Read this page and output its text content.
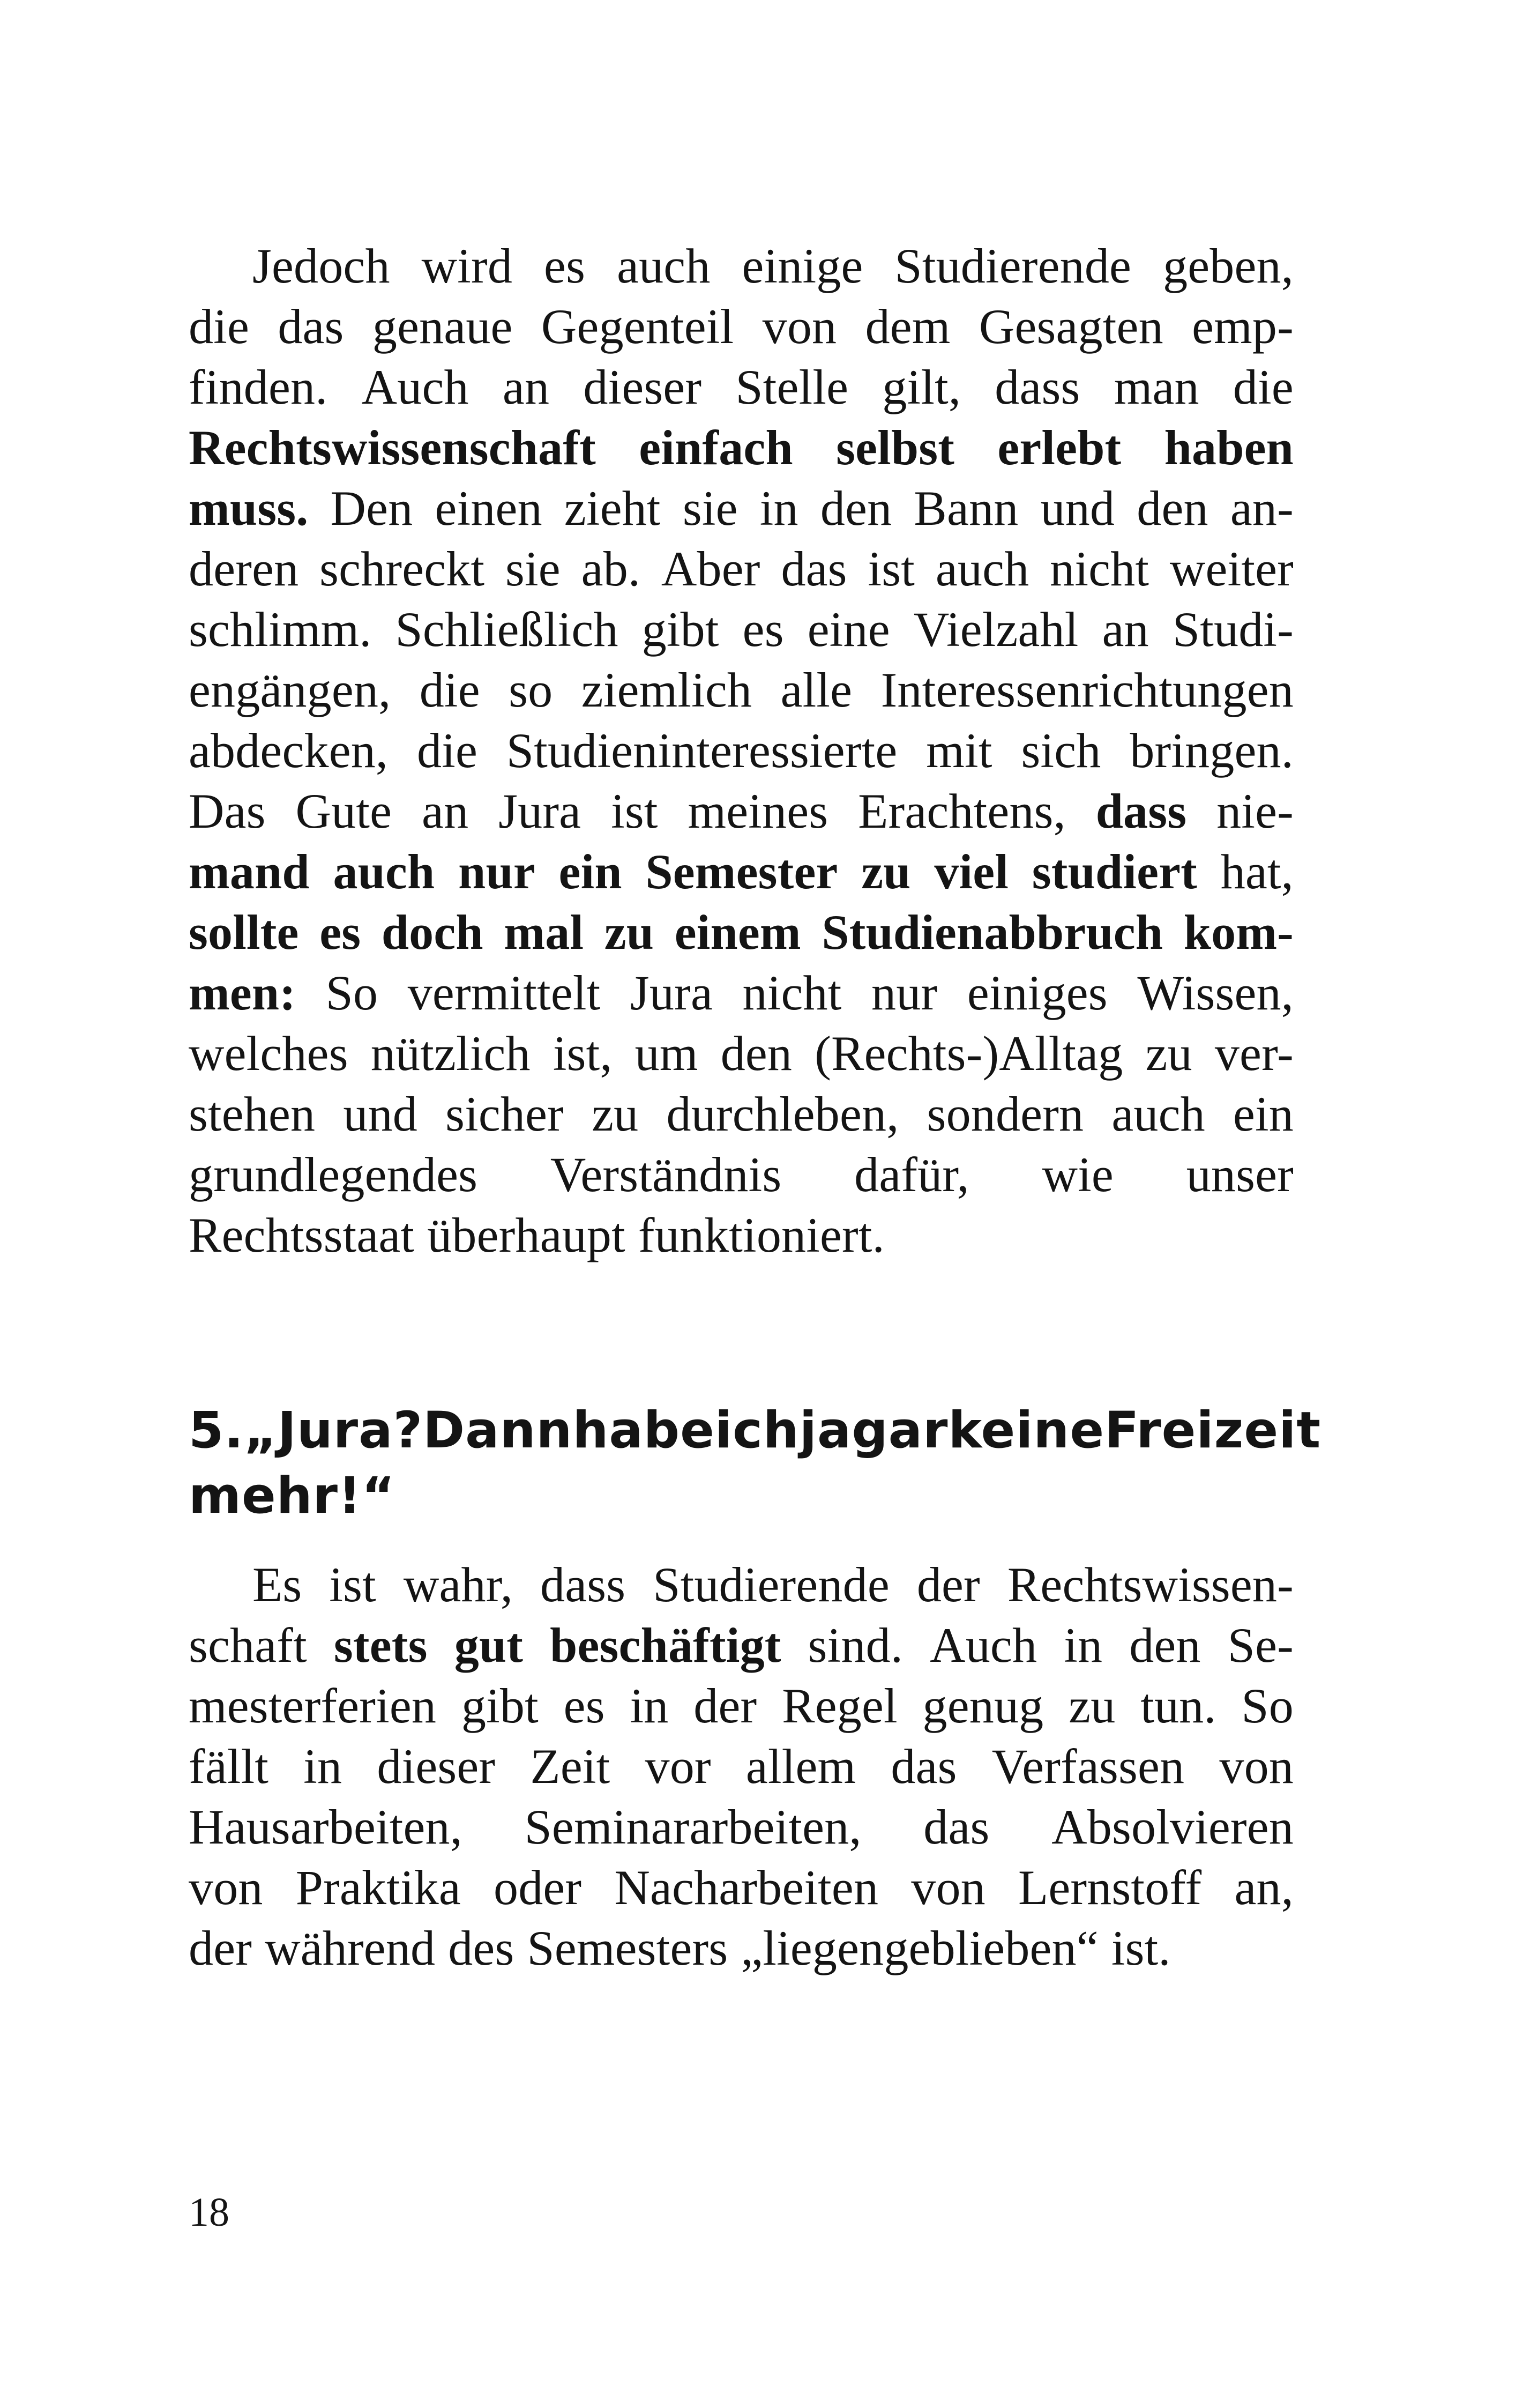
Jedoch wird es auch einige Studierende geben,
die das genaue Gegenteil von dem Gesagten emp-
finden. Auch an dieser Stelle gilt, dass man die
Rechtswissenschaft einfach selbst erlebt haben
muss. Den einen zieht sie in den Bann und den an-
deren schreckt sie ab. Aber das ist auch nicht weiter
schlimm. Schließlich gibt es eine Vielzahl an Studi-
engängen, die so ziemlich alle Interessenrichtungen
abdecken, die Studieninteressierte mit sich bringen.
Das Gute an Jura ist meines Erachtens, dass nie-
mand auch nur ein Semester zu viel studiert hat,
sollte es doch mal zu einem Studienabbruch kom-
men: So vermittelt Jura nicht nur einiges Wissen,
welches nützlich ist, um den (Rechts-)Alltag zu ver-
stehen und sicher zu durchleben, sondern auch ein
grundlegendes Verständnis dafür, wie unser
Rechtsstaat überhaupt funktioniert.
5. „Jura? Dann habe ich ja gar keine Freizeit
mehr!“
Es ist wahr, dass Studierende der Rechtswissen-
schaft stets gut beschäftigt sind. Auch in den Se-
mesterferien gibt es in der Regel genug zu tun. So
fällt in dieser Zeit vor allem das Verfassen von
Hausarbeiten, Seminararbeiten, das Absolvieren
von Praktika oder Nacharbeiten von Lernstoff an,
der während des Semesters „liegengeblieben“ ist.
18
